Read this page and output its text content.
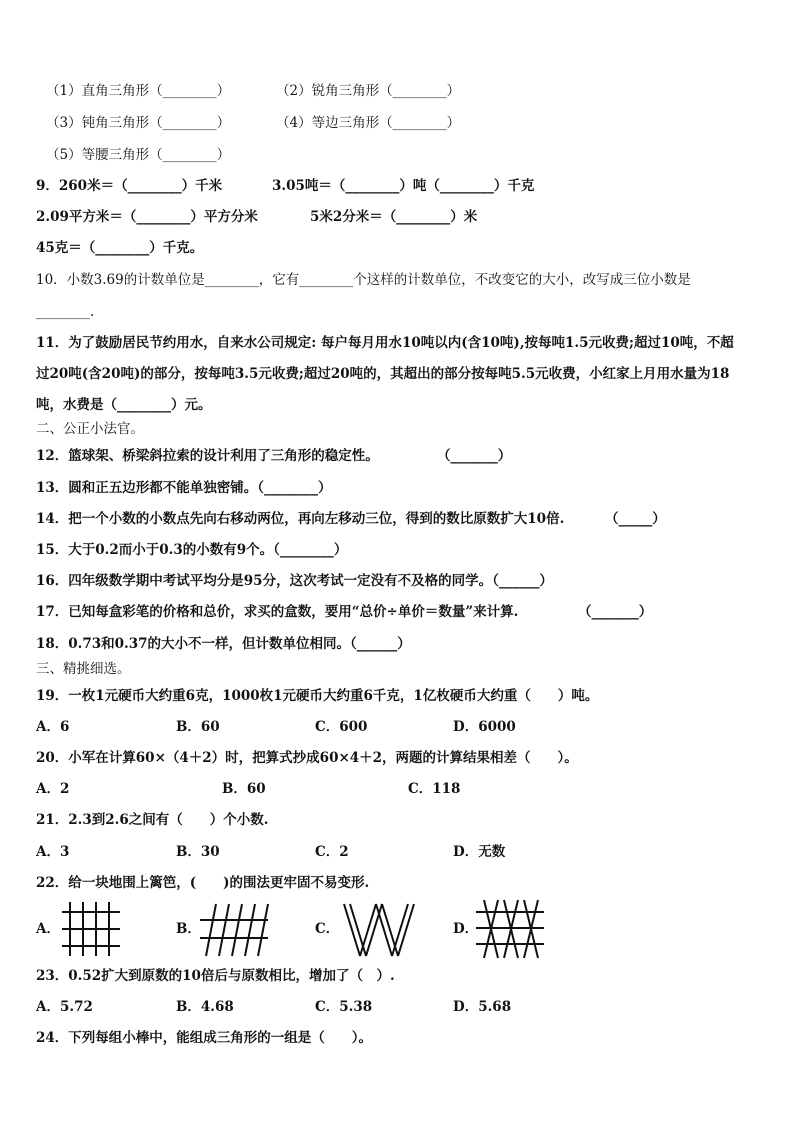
（1）直角三角形（________）	（2）锐角三角形（________）
（3）钝角三角形（________）	（4）等边三角形（________）
（5）等腰三角形（________）
9．260米＝（________）千米	3.05吨＝（________）吨（________）千克
2.09平方米＝（________）平方分米	5米2分米＝（________）米
45克＝（________）千克。
10．小数3.69的计数单位是________，它有________个这样的计数单位，不改变它的大小，改写成三位小数是
________.
11．为了鼓励居民节约用水，自来水公司规定: 每户每月用水10吨以内(含10吨),按每吨1.5元收费;超过10吨，不超
过20吨(含20吨)的部分，按每吨3.5元收费;超过20吨的，其超出的部分按每吨5.5元收费，小红家上月用水量为18
吨，水费是（________）元。
二、公正小法官。
12．篮球架、桥梁斜拉索的设计利用了三角形的稳定性。	（_______）
13．圆和正五边形都不能单独密铺。（________）
14．把一个小数的小数点先向右移动两位，再向左移动三位，得到的数比原数扩大10倍.	（_____）
15．大于0.2而小于0.3的小数有9个。（________）
16．四年级数学期中考试平均分是95分，这次考试一定没有不及格的同学。（______）
17．已知每盒彩笔的价格和总价，求买的盒数，要用“总价÷单价＝数量”来计算.	（_______）
18．0.73和0.37的大小不一样，但计数单位相同。（______）
三、精挑细选。
19．一枚1元硬币大约重6克，1000枚1元硬币大约重6千克，1亿枚硬币大约重（　　）吨。
A．6	B．60	C．600	D．6000
20．小军在计算60×（4＋2）时，把算式抄成60×4＋2，两题的计算结果相差（　　）。
A．2	B．60	C．118
21．2.3到2.6之间有（　　）个小数.
A．3	B．30	C．2	D．无数
22．给一块地围上篱笆，(　　)的围法更牢固不易变形.
A．	B．	C．	D．
23．0.52扩大到原数的10倍后与原数相比，增加了（　）.
A．5.72	B．4.68	C．5.38	D．5.68
24．下列每组小棒中，能组成三角形的一组是（　　）。
